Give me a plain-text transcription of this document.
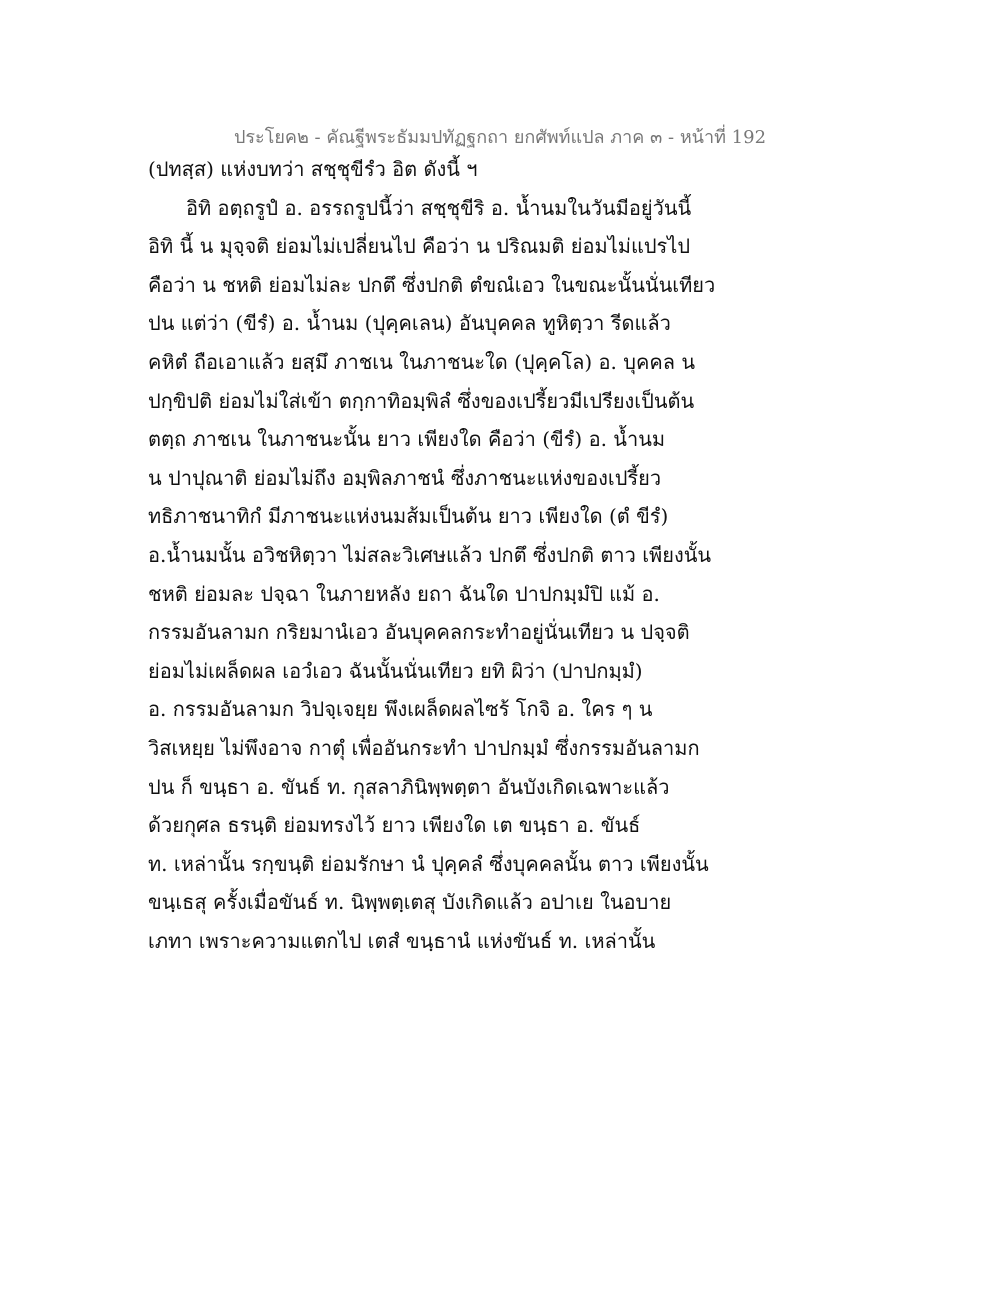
ประโยค๒ - คัณฐีพระธัมมปทัฏฐกถา ยกศัพท์แปล ภาค ๓ - หน้าที่ 192
(ปทสฺส) แห่งบทว่า สชฺชุขีรํว อิต ดังนี้ ฯ
อิทิ อตฺถรูปํ อ. อรรถรูปนี้ว่า สชฺชุขีริ อ. น้ำนมในวันมีอยู่วันนี้
อิทิ นี้ น มุจฺจติ ย่อมไม่เปลี่ยนไป คือว่า น ปริณมติ ย่อมไม่แปรไป
คือว่า น ชหติ ย่อมไม่ละ ปกตึ ซึ่งปกติ ตํขณํเอว ในขณะนั้นนั่นเทียว
ปน แต่ว่า (ขีรํ) อ. น้ำนม (ปุคฺคเลน) อันบุคคล ทูหิตฺวา รีดแล้ว
คหิตํ ถือเอาแล้ว ยสฺมึ ภาชเน ในภาชนะใด (ปุคฺคโล) อ. บุคคล น
ปกฺขิปติ ย่อมไม่ใส่เข้า ตกฺกาทิอมฺพิลํ ซึ่งของเปรี้ยวมีเปรียงเป็นต้น
ตตฺถ ภาชเน ในภาชนะนั้น ยาว เพียงใด คือว่า (ขีรํ) อ. น้ำนม
น ปาปุณาติ ย่อมไม่ถึง อมฺพิลภาชนํ ซึ่งภาชนะแห่งของเปรี้ยว
ทธิภาชนาทิกํ มีภาชนะแห่งนมส้มเป็นต้น ยาว เพียงใด (ตํ ขีรํ)
อ.น้ำนมนั้น อวิชหิตฺวา ไม่สละวิเศษแล้ว ปกตึ ซึ่งปกติ ตาว เพียงนั้น
ชหติ ย่อมละ ปจฺฉา ในภายหลัง ยถา ฉันใด ปาปกมฺมํปิ แม้ อ.
กรรมอันลามก กริยมานํเอว อันบุคคลกระทำอยู่นั่นเทียว น ปจฺจติ
ย่อมไม่เผล็ดผล เอวํเอว ฉันนั้นนั่นเทียว ยทิ ผิว่า (ปาปกมฺมํ)
อ. กรรมอันลามก วิปจฺเจยฺย พึงเผล็ดผลไซร้ โกจิ อ. ใคร ๆ น
วิสเหยฺย ไม่พึงอาจ กาตุํ เพื่ออันกระทำ ปาปกมฺมํ ซึ่งกรรมอันลามก
ปน ก็ ขนฺธา อ. ขันธ์ ท. กุสลาภินิพฺพตฺตา อันบังเกิดเฉพาะแล้ว
ด้วยกุศล ธรนฺติ ย่อมทรงไว้ ยาว เพียงใด เต ขนฺธา อ. ขันธ์
ท. เหล่านั้น รกฺขนฺติ ย่อมรักษา นํ ปุคฺคลํ ซึ่งบุคคลนั้น ตาว เพียงนั้น
ขนฺเธสุ ครั้งเมื่อขันธ์ ท. นิพฺพตฺเตสุ บังเกิดแล้ว อปาเย ในอบาย
เภทา เพราะความแตกไป เตสํ ขนฺธานํ แห่งขันธ์ ท. เหล่านั้น
